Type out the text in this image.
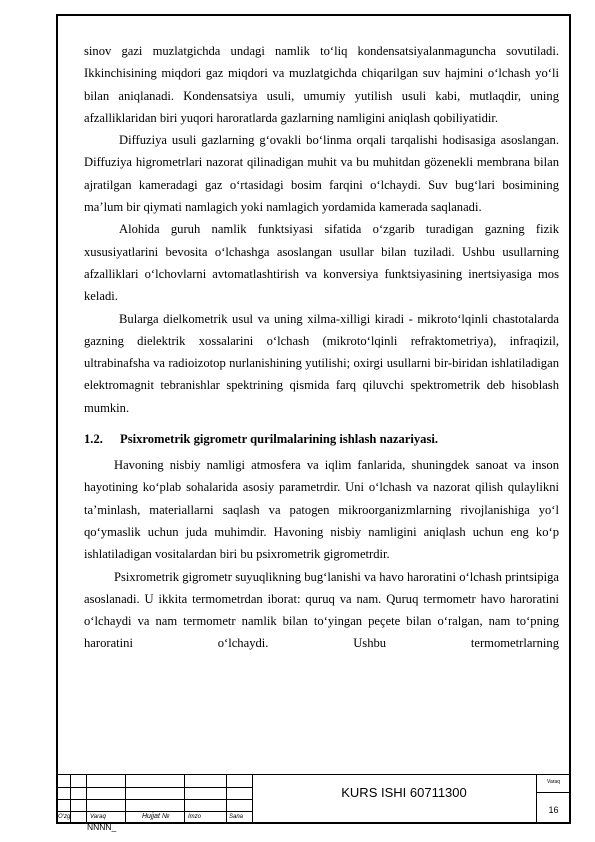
sinov gazi muzlatgichda undagi namlik to‘liq kondensatsiyalanmaguncha sovutiladi. Ikkinchisining miqdori gaz miqdori va muzlatgichda chiqarilgan suv hajmini o‘lchash yo‘li bilan aniqlanadi. Kondensatsiya usuli, umumiy yutilish usuli kabi, mutlaqdir, uning afzalliklaridan biri yuqori haroratlarda gazlarning namligini aniqlash qobiliyatidir.

Diffuziya usuli gazlarning g‘ovakli bo‘linma orqali tarqalishi hodisasiga asoslangan. Diffuziya higrometrlari nazorat qilinadigan muhit va bu muhitdan gözenekli membrana bilan ajratilgan kameradagi gaz o‘rtasidagi bosim farqini o‘lchaydi. Suv bug‘lari bosimining ma’lum bir qiymati namlagich yoki namlagich yordamida kamerada saqlanadi.

Alohida guruh namlik funktsiyasi sifatida o‘zgarib turadigan gazning fizik xususiyatlarini bevosita o‘lchashga asoslangan usullar bilan tuziladi. Ushbu usullarning afzalliklari o‘lchovlarni avtomatlashtirish va konversiya funktsiyasining inertsiyasiga mos keladi.

Bularga dielkometrik usul va uning xilma-xilligi kiradi - mikroto‘lqinli chastotalarda gazning dielektrik xossalarini o‘lchash (mikroto‘lqinli refraktometriya), infraqizil, ultrabinafsha va radioizotop nurlanishining yutilishi; oxirgi usullarni bir-biridan ishlatiladigan elektromagnit tebranishlar spektrining qismida farq qiluvchi spektrometrik deb hisoblash mumkin.

1.2. Psixrometrik gigrometr qurilmalarining ishlash nazariyasi.

Havoning nisbiy namligi atmosfera va iqlim fanlarida, shuningdek sanoat va inson hayotining ko‘plab sohalarida asosiy parametrdir. Uni o‘lchash va nazorat qilish qulaylikni ta’minlash, materiallarni saqlash va patogen mikroorganizmlarning rivojlanishiga yo‘l qo‘ymaslik uchun juda muhimdir. Havoning nisbiy namligini aniqlash uchun eng ko‘p ishlatiladigan vositalardan biri bu psixrometrik gigrometrdir.

Psixrometrik gigrometr suyuqlikning bug‘lanishi va havo haroratini o‘lchash printsipiga asoslanadi. U ikkita termometrdan iborat: quruq va nam. Quruq termometr havo haroratini o‘lchaydi va nam termometr namlik bilan to‘yingan peçete bilan o‘ralgan, nam to‘pning haroratini o‘lchaydi. Ushbu termometrlarning

O‘zg	Varaq	Hujjat №	Imzo	Sana
KURS ISHI 60711300
Varaq
16
NNNN_
